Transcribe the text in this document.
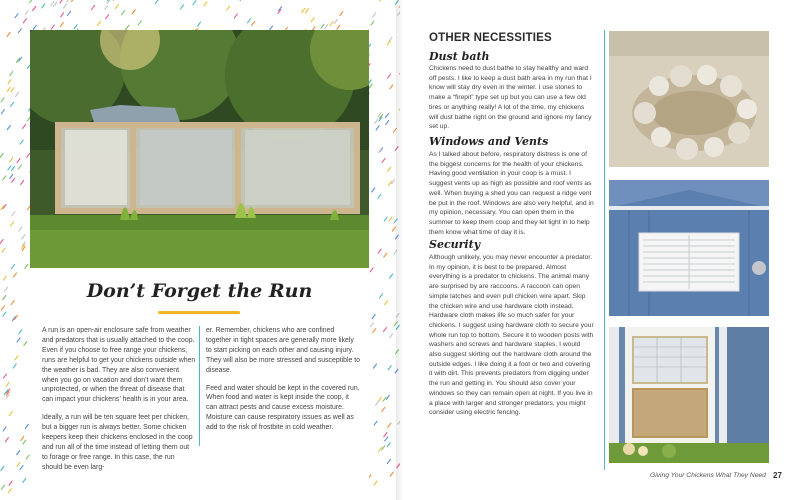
Don’t Forget the Run

A run is an open-air enclosure safe from weather and predators that is usually attached to the coop. Even if you choose to free range your chickens, runs are helpful to get your chickens outside when the weather is bad. They are also convenient when you go on vacation and don’t want them unprotected, or when the threat of disease that can impact your chickens’ health is in your area.

Ideally, a run will be ten square feet per chicken, but a bigger run is always better. Some chicken keepers keep their chickens enclosed in the coop and run all of the time instead of letting them out to forage or free range. In this case, the run should be even larg-

er. Remember, chickens who are confined together in tight spaces are generally more likely to start picking on each other and causing injury. They will also be more stressed and susceptible to disease.

Feed and water should be kept in the covered run. When food and water is kept inside the coop, it can attract pests and cause excess moisture. Moisture can cause respiratory issues as well as add to the risk of frostbite in cold weather.

OTHER NECESSITIES
Dust bath

Chickens need to dust bathe to stay healthy and ward off pests. I like to keep a dust bath area in my run that I know will stay dry even in the winter. I use stones to make a “firepit” type set up but you can use a few old tires or anything really! A lot of the time, my chickens will dust bathe right on the ground and ignore my fancy set up.

Windows and Vents

As I talked about before, respiratory distress is one of the biggest concerns for the health of your chickens. Having good ventilation in your coop is a must. I suggest vents up as high as possible and roof vents as well. When buying a shed you can request a ridge vent be put in the roof. Windows are also very helpful, and in my opinion, necessary. You can open them in the summer to keep them coop and they let light in to help them know what time of day it is.

Security

Although unlikely, you may never encounter a predator. In my opinion, it is best to be prepared. Almost everything is a predator to chickens. The animal many are surprised by are raccoons. A raccoon can open simple latches and even pull chicken wire apart. Skip the chicken wire and use hardware cloth instead. Hardware cloth makes life so much safer for your chickens. I suggest using hardware cloth to secure your whole run top to bottom. Secure it to wooden posts with washers and screws and hardware staples. I would also suggest skirting out the hardware cloth around the outside edges. I like doing it a foot or two and covering it with dirt. This prevents predators from digging under the run and getting in. You should also cover your windows so they can remain open at night. If you live in a place with larger and stronger predators, you might consider using electric fencing.

Giving Your Chickens What They Need 27
